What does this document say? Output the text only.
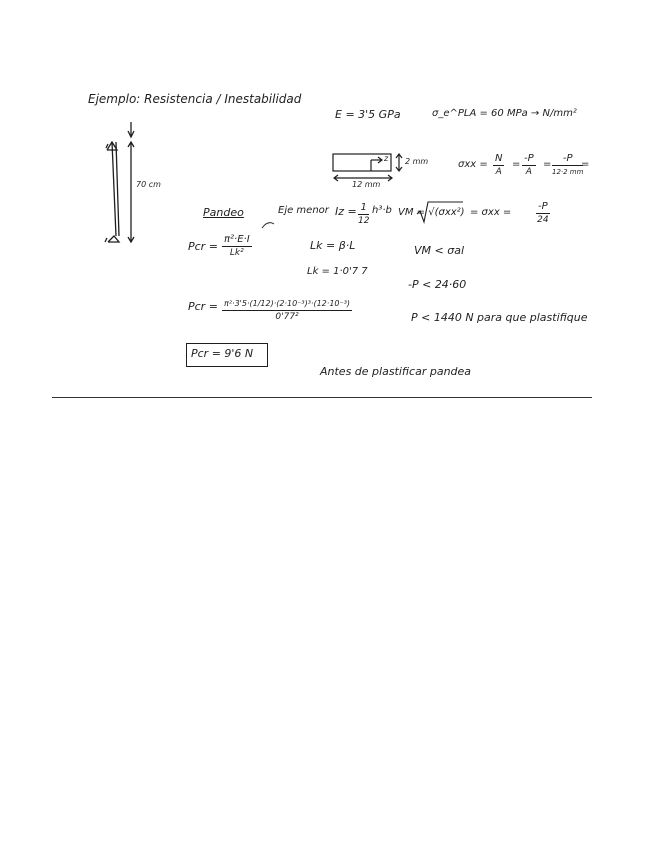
Ejemplo: Resistencia / Inestabilidad
70 cm
E = 3'5 GPa	σ_e^PLA = 60 MPa → N/mm²
2 mm
12 mm
z
$\sigma xx = \frac{N}{A} = \frac{-P}{A}$ =
-P
12·2 mm
=
Pandeo	Eje menor $Iz = \frac{1}{12} h^3\cdot b$
Pcr = $\frac{\text{π²·E·I}}{\text{Lk²}}$	Lk = β·L
Lk = 1·0'7 7
Pcr = $\frac{\text{π²·3'5·(1/12)·(2·10⁻³)³·(12·10⁻³)}}{\text{0'77²}}$
Pcr = 9'6 N
VM = $√(\sigma xx^2) = \sigma xx = \frac{-P}{24}$
VM < σal
-P < 24·60
P < 1440 N para que plastifique
Antes de plastificar pandea
